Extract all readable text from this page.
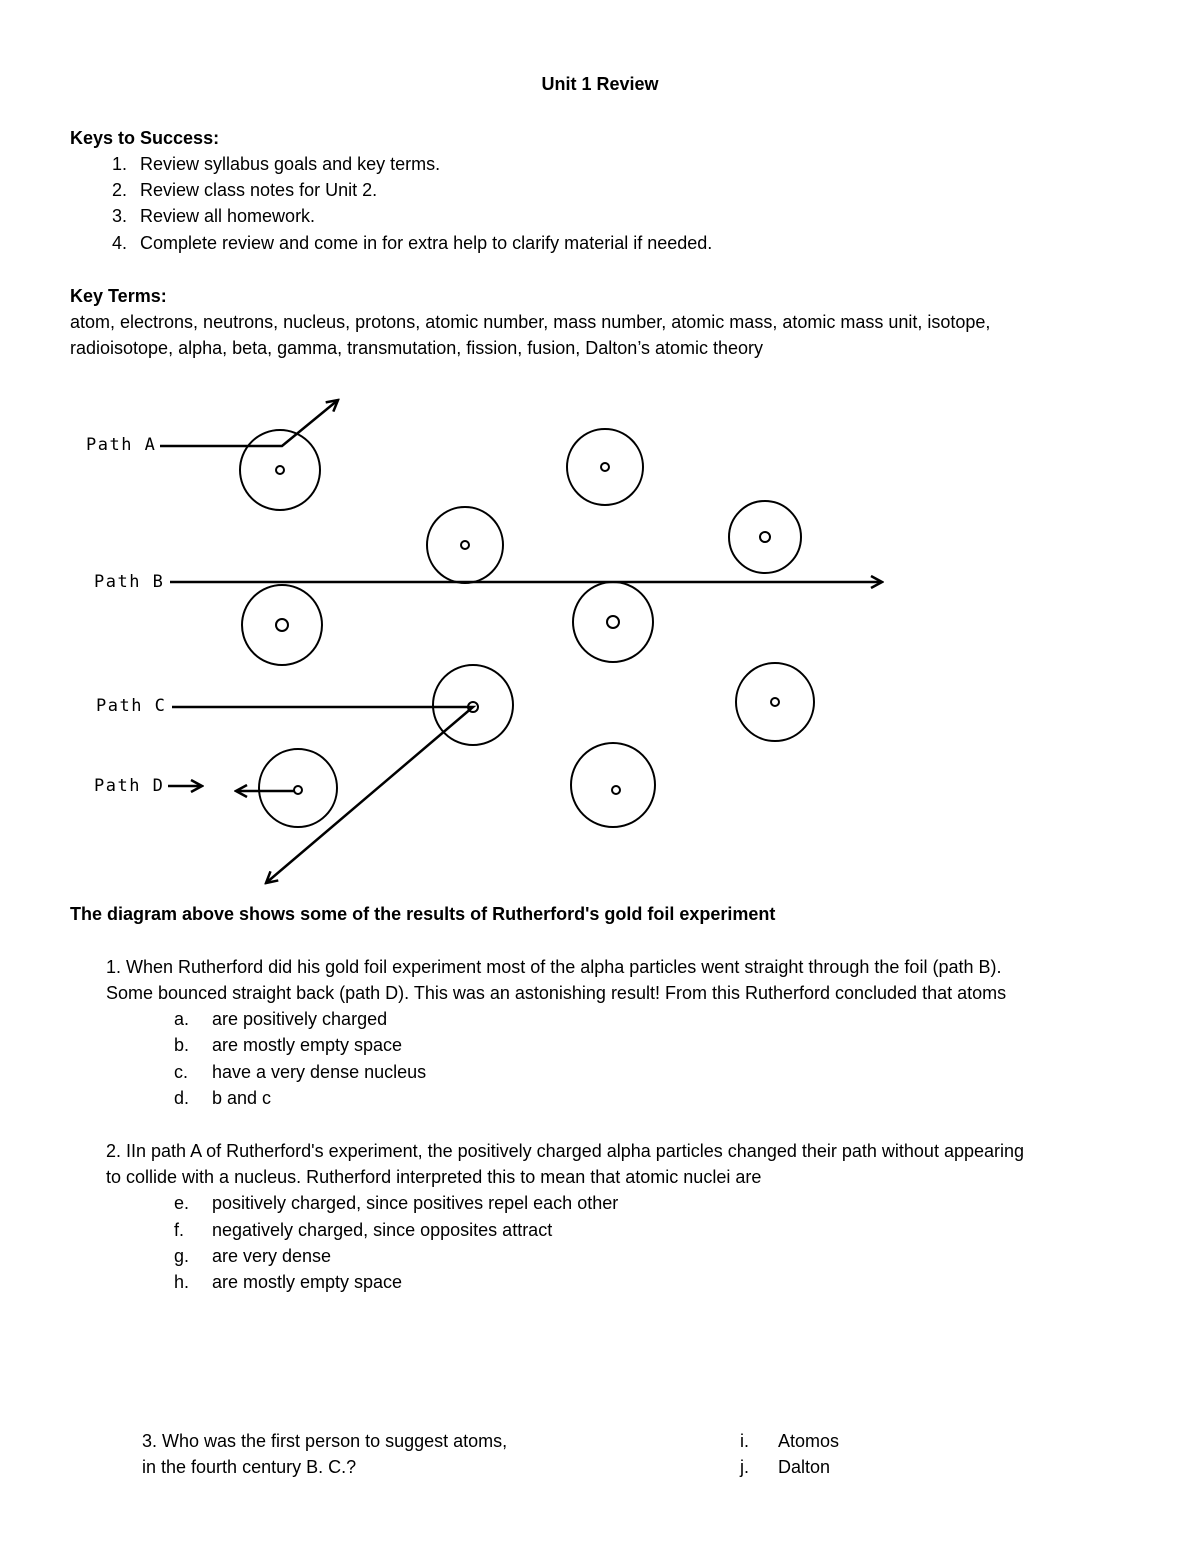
Unit 1 Review
Keys to Success:
1. Review syllabus goals and key terms.
2. Review class notes for Unit 2.
3. Review all homework.
4. Complete review and come in for extra help to clarify material if needed.
Key Terms:
atom, electrons, neutrons, nucleus, protons, atomic number, mass number, atomic mass, atomic mass unit, isotope,
radioisotope, alpha, beta, gamma, transmutation, fission, fusion, Dalton’s atomic theory
Path A
Path B
Path C
Path D
The diagram above shows some of the results of Rutherford's gold foil experiment
1. When Rutherford did his gold foil experiment most of the alpha particles went straight through the foil (path B).
Some bounced straight back (path D). This was an astonishing result! From this Rutherford concluded that atoms
a. are positively charged
b. are mostly empty space
c. have a very dense nucleus
d. b and c
2. IIn path A of Rutherford's experiment, the positively charged alpha particles changed their path without appearing
to collide with a nucleus. Rutherford interpreted this to mean that atomic nuclei are
e. positively charged, since positives repel each other
f. negatively charged, since opposites attract
g. are very dense
h. are mostly empty space
3. Who was the first person to suggest atoms,
in the fourth century B. C.?
i. Atomos
j. Dalton
